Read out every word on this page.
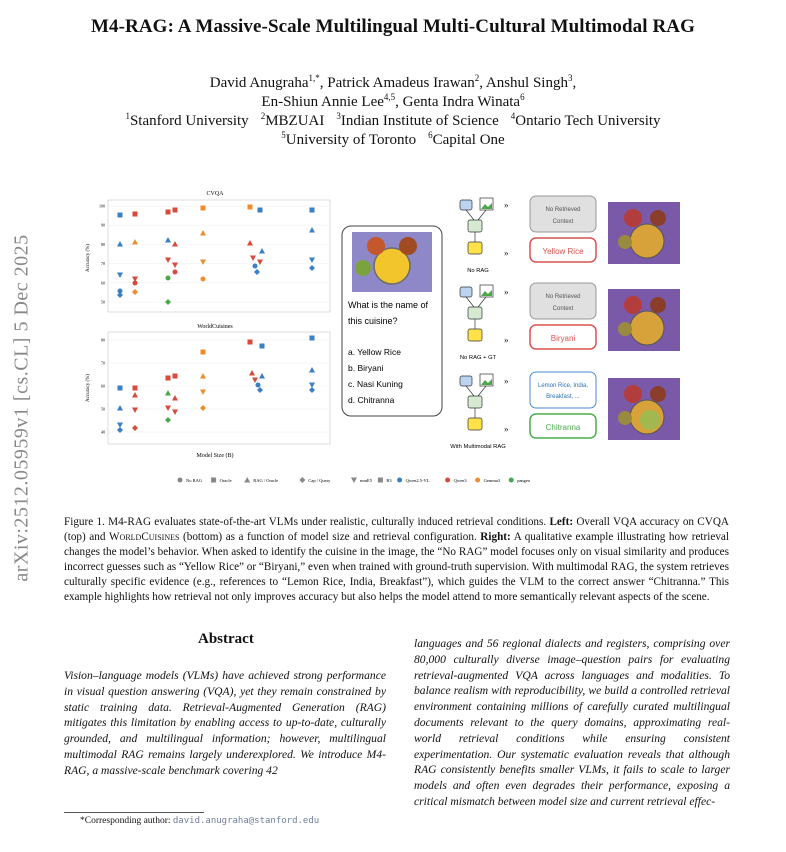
M4-RAG: A Massive-Scale Multilingual Multi-Cultural Multimodal RAG
David Anugraha$^{1,*}$, Patrick Amadeus Irawan$^2$, Anshul Singh$^3$,
En-Shiun Annie Lee$^{4,5}$, Genta Indra Winata$^6$
$^1$Stanford University $^2$MBZUAI $^3$Indian Institute of Science $^4$Ontario Tech University
$^5$University of Toronto $^6$Capital One
arXiv:2512.05959v1 [cs.CL] 5 Dec 2025
CVQA
100
90
80
70
60
50
Accuracy (%)
WorldCuisines
80
70
60
50
40
Accuracy (%)
Model Size (B)
No RAG	Oracle	RAG / Oracle	Cap / Query	mmE5	B3	Qwen2.5-VL	Qwen3	Gemma3	pangea
What is the name of
this cuisine?
a. Yellow Rice
b. Biryani
c. Nasi Kuning
d. Chitranna
»
»
No RAG
No Retrieved
Context
Yellow Rice
»
»
No RAG + GT
No Retrieved
Context
Biryani
»
»
With Multimodal RAG
Lemon Rice, India,
Breakfast, ...
Chitranna
Figure 1. M4-RAG evaluates state-of-the-art VLMs under realistic, culturally induced retrieval conditions. Left: Overall VQA accuracy on CVQA (top) and WorldCuisines (bottom) as a function of model size and retrieval configuration. Right: A qualitative example illustrating how retrieval changes the model’s behavior. When asked to identify the cuisine in the image, the “No RAG” model focuses only on visual similarity and produces incorrect guesses such as “Yellow Rice” or “Biryani,” even when trained with ground-truth supervision. With multimodal RAG, the system retrieves culturally specific evidence (e.g., references to “Lemon Rice, India, Breakfast”), which guides the VLM to the correct answer “Chitranna.” This example highlights how retrieval not only improves accuracy but also helps the model attend to more semantically relevant aspects of the scene.
Abstract
Vision–language models (VLMs) have achieved strong performance in visual question answering (VQA), yet they remain constrained by static training data. Retrieval-Augmented Generation (RAG) mitigates this limitation by enabling access to up-to-date, culturally grounded, and multilingual information; however, multilingual multimodal RAG remains largely underexplored. We introduce M4-RAG, a massive-scale benchmark covering 42
languages and 56 regional dialects and registers, comprising over 80,000 culturally diverse image–question pairs for evaluating retrieval-augmented VQA across languages and modalities. To balance realism with reproducibility, we build a controlled retrieval environment containing millions of carefully curated multilingual documents relevant to the query domains, approximating real-world retrieval conditions while ensuring consistent experimentation. Our systematic evaluation reveals that although RAG consistently benefits smaller VLMs, it fails to scale to larger models and often even degrades their performance, exposing a critical mismatch between model size and current retrieval effec-
*Corresponding author: david.anugraha@stanford.edu
